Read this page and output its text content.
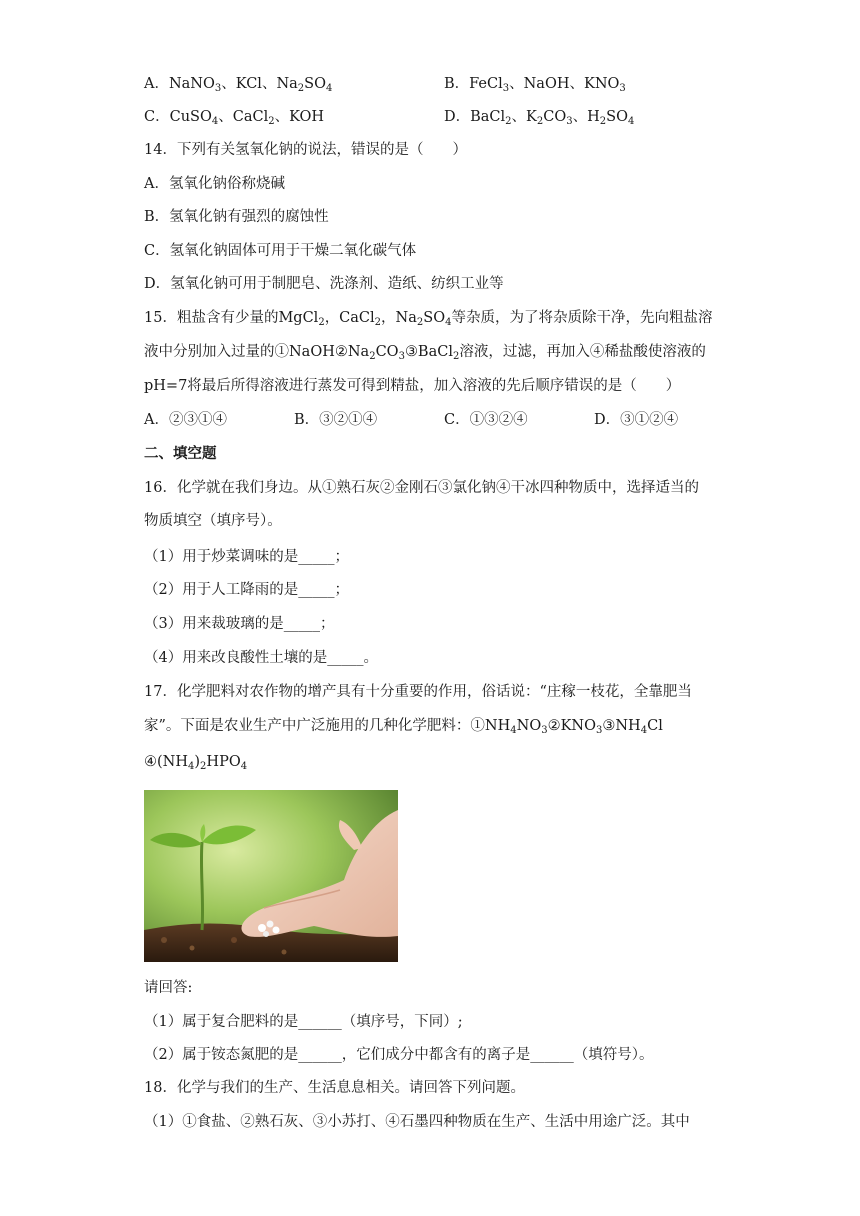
A．NaNO$_3$、KCl、$Na_2SO_4$	B．FeCl$_3$、NaOH、$KNO_3$
C．CuSO$_4$、CaCl$_2$、KOH	D．BaCl$_2$、$K_2CO_3$、$H_2SO_4$
14．下列有关氢氧化钠的说法，错误的是（　　）
A．氢氧化钠俗称烧碱
B．氢氧化钠有强烈的腐蚀性
C．氢氧化钠固体可用于干燥二氧化碳气体
D．氢氧化钠可用于制肥皂、洗涤剂、造纸、纺织工业等
15．粗盐含有少量的MgCl$_2$，CaCl$_2$，$Na_2SO_4$等杂质，为了将杂质除干净，先向粗盐溶
液中分别加入过量的$①NaOH②Na_2CO_3③BaCl_2$溶液，过滤，再加入④稀盐酸使溶液的
pH=7将最后所得溶液进行蒸发可得到精盐，加入溶液的先后顺序错误的是（　　）
A．②③①④	B．③②①④	C．①③②④	D．③①②④
二、填空题
16．化学就在我们身边。从①熟石灰②金刚石③氯化钠④干冰四种物质中，选择适当的
物质填空（填序号）。
（1）用于炒菜调味的是_____；
（2）用于人工降雨的是_____；
（3）用来裁玻璃的是_____；
（4）用来改良酸性土壤的是_____。
17．化学肥料对农作物的增产具有十分重要的作用，俗话说：“庄稼一枝花，全靠肥当
家”。下面是农业生产中广泛施用的几种化学肥料：$①NH_4NO_3②KNO_3③NH_4Cl$
$④(NH_4)_2HPO_4$
请回答:
（1）属于复合肥料的是______（填序号，下同）;
（2）属于铵态氮肥的是______，它们成分中都含有的离子是______（填符号）。
18．化学与我们的生产、生活息息相关。请回答下列问题。
（1）①食盐、②熟石灰、③小苏打、④石墨四种物质在生产、生活中用途广泛。其中
